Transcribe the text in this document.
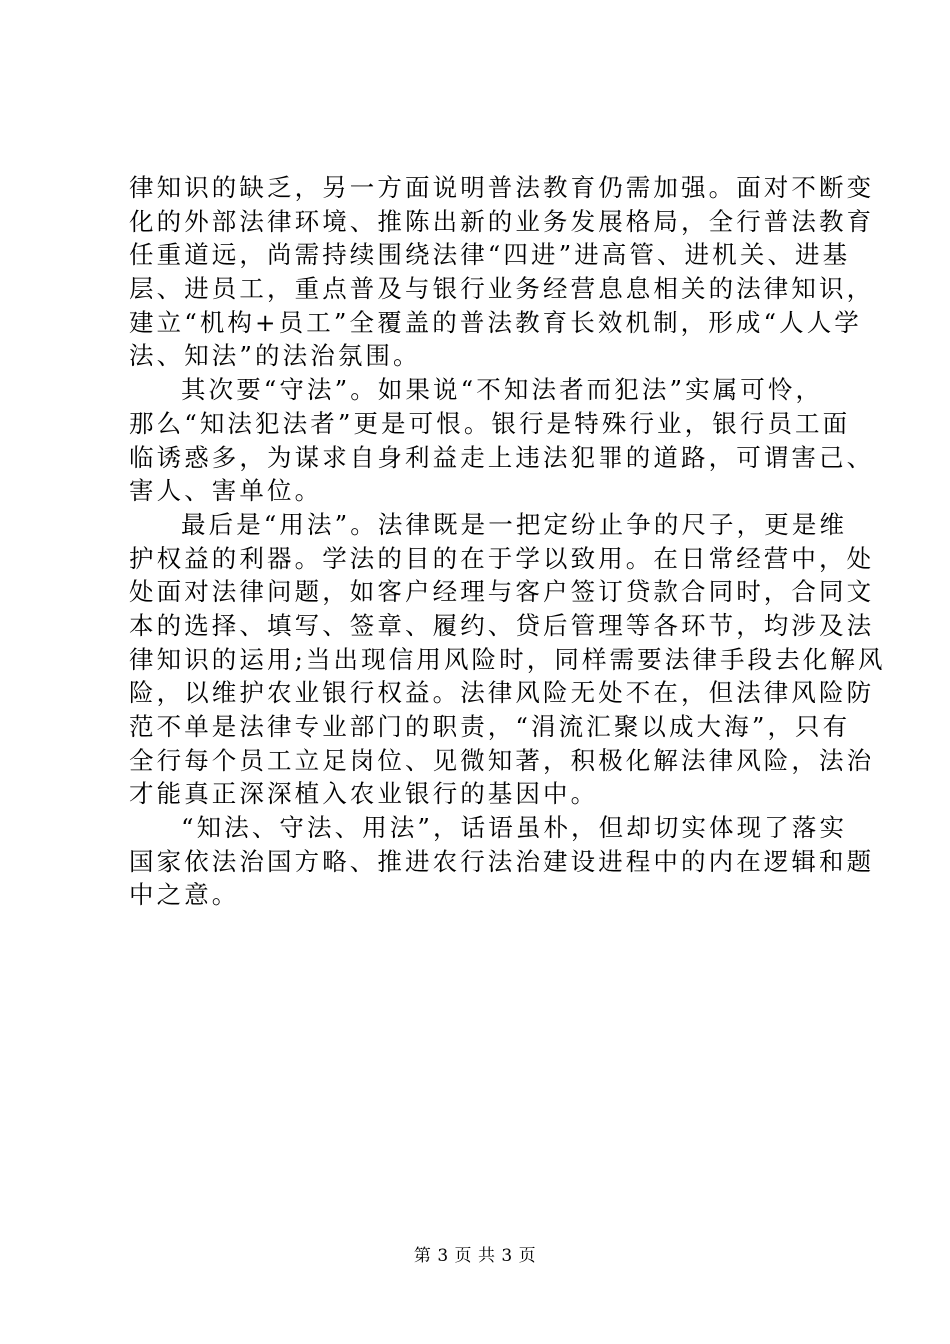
律知识的缺乏，另一方面说明普法教育仍需加强。面对不断变
化的外部法律环境、推陈出新的业务发展格局，全行普法教育
任重道远，尚需持续围绕法律“四进”进高管、进机关、进基
层、进员工，重点普及与银行业务经营息息相关的法律知识，
建立“机构+员工”全覆盖的普法教育长效机制，形成“人人学
法、知法”的法治氛围。
其次要“守法”。如果说“不知法者而犯法”实属可怜，
那么“知法犯法者”更是可恨。银行是特殊行业，银行员工面
临诱惑多，为谋求自身利益走上违法犯罪的道路，可谓害己、
害人、害单位。
最后是“用法”。法律既是一把定纷止争的尺子，更是维
护权益的利器。学法的目的在于学以致用。在日常经营中，处
处面对法律问题，如客户经理与客户签订贷款合同时，合同文
本的选择、填写、签章、履约、贷后管理等各环节，均涉及法
律知识的运用;当出现信用风险时，同样需要法律手段去化解风
险，以维护农业银行权益。法律风险无处不在，但法律风险防
范不单是法律专业部门的职责，“涓流汇聚以成大海”，只有
全行每个员工立足岗位、见微知著，积极化解法律风险，法治
才能真正深深植入农业银行的基因中。
“知法、守法、用法”，话语虽朴，但却切实体现了落实
国家依法治国方略、推进农行法治建设进程中的内在逻辑和题
中之意。
第 3 页 共 3 页
